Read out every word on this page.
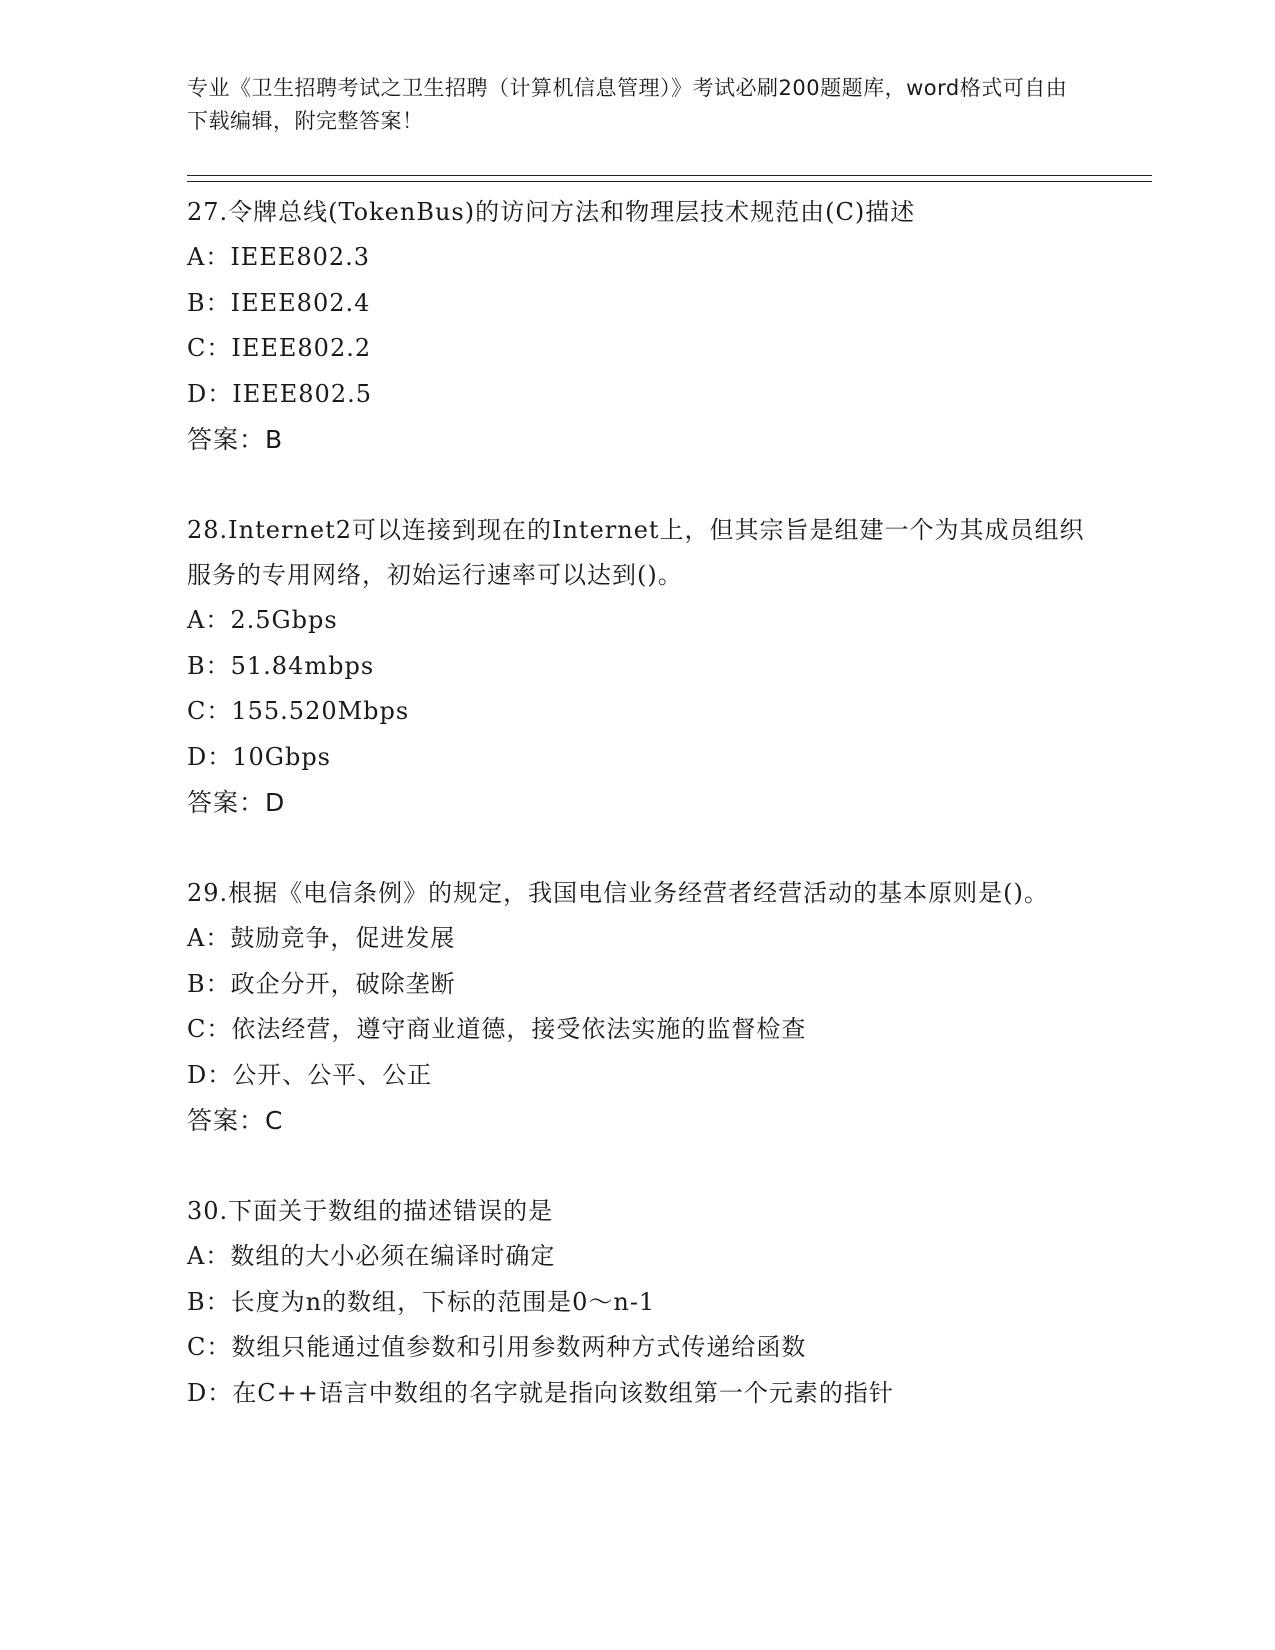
专业《卫生招聘考试之卫生招聘（计算机信息管理）》考试必刷200题题库，word格式可自由下载编辑，附完整答案！
27.令牌总线(TokenBus)的访问方法和物理层技术规范由(C)描述
A：IEEE802.3
B：IEEE802.4
C：IEEE802.2
D：IEEE802.5
答案：B
28.Internet2可以连接到现在的Internet上，但其宗旨是组建一个为其成员组织服务的专用网络，初始运行速率可以达到()。
A：2.5Gbps
B：51.84mbps
C：155.520Mbps
D：10Gbps
答案：D
29.根据《电信条例》的规定，我国电信业务经营者经营活动的基本原则是()。
A：鼓励竞争，促进发展
B：政企分开，破除垄断
C：依法经营，遵守商业道德，接受依法实施的监督检查
D：公开、公平、公正
答案：C
30.下面关于数组的描述错误的是
A：数组的大小必须在编译时确定
B：长度为n的数组，下标的范围是0～n-1
C：数组只能通过值参数和引用参数两种方式传递给函数
D：在C++语言中数组的名字就是指向该数组第一个元素的指针
